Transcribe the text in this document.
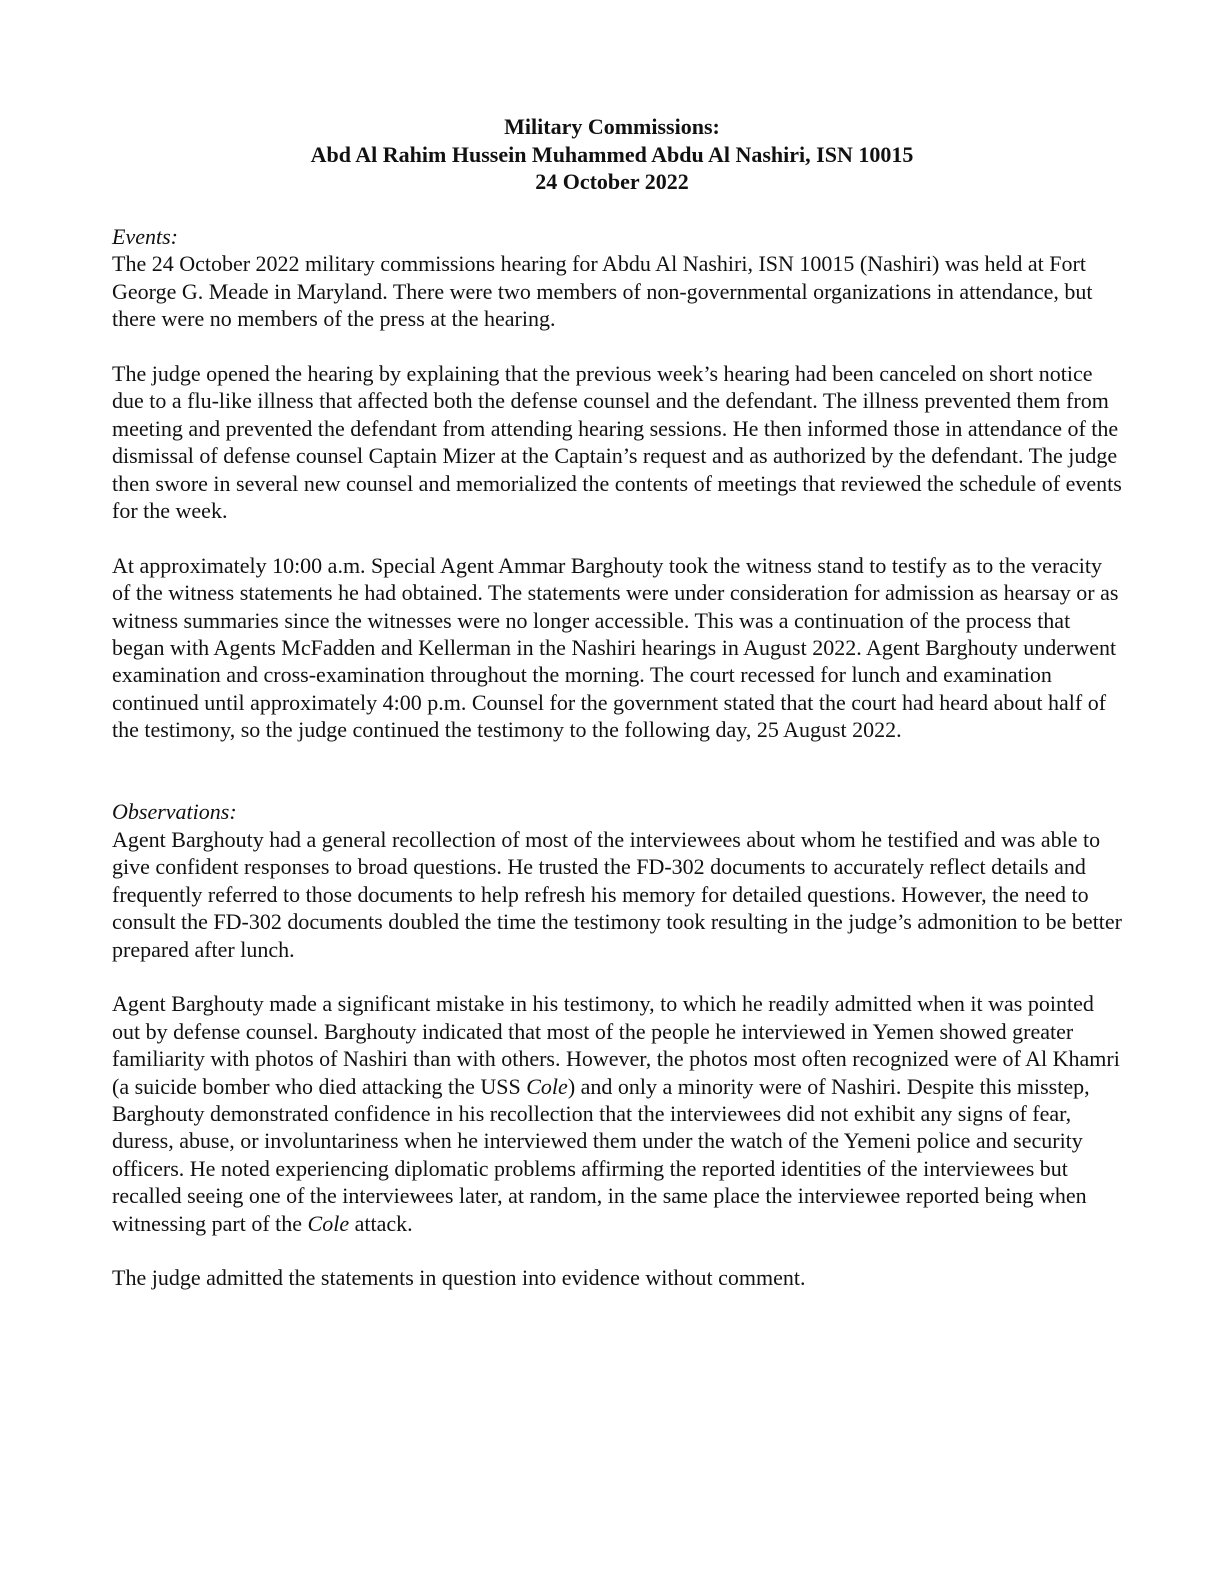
Military Commissions:
Abd Al Rahim Hussein Muhammed Abdu Al Nashiri, ISN 10015
24 October 2022
Events:

The 24 October 2022 military commissions hearing for Abdu Al Nashiri, ISN 10015 (Nashiri) was held at Fort George G. Meade in Maryland. There were two members of non-governmental organizations in attendance, but there were no members of the press at the hearing.

The judge opened the hearing by explaining that the previous week’s hearing had been canceled on short notice due to a flu-like illness that affected both the defense counsel and the defendant. The illness prevented them from meeting and prevented the defendant from attending hearing sessions. He then informed those in attendance of the dismissal of defense counsel Captain Mizer at the Captain’s request and as authorized by the defendant. The judge then swore in several new counsel and memorialized the contents of meetings that reviewed the schedule of events for the week.

At approximately 10:00 a.m. Special Agent Ammar Barghouty took the witness stand to testify as to the veracity of the witness statements he had obtained. The statements were under consideration for admission as hearsay or as witness summaries since the witnesses were no longer accessible. This was a continuation of the process that began with Agents McFadden and Kellerman in the Nashiri hearings in August 2022. Agent Barghouty underwent examination and cross-examination throughout the morning. The court recessed for lunch and examination continued until approximately 4:00 p.m. Counsel for the government stated that the court had heard about half of the testimony, so the judge continued the testimony to the following day, 25 August 2022.

Observations:

Agent Barghouty had a general recollection of most of the interviewees about whom he testified and was able to give confident responses to broad questions. He trusted the FD-302 documents to accurately reflect details and frequently referred to those documents to help refresh his memory for detailed questions. However, the need to consult the FD-302 documents doubled the time the testimony took resulting in the judge’s admonition to be better prepared after lunch.

Agent Barghouty made a significant mistake in his testimony, to which he readily admitted when it was pointed out by defense counsel. Barghouty indicated that most of the people he interviewed in Yemen showed greater familiarity with photos of Nashiri than with others. However, the photos most often recognized were of Al Khamri (a suicide bomber who died attacking the USS Cole) and only a minority were of Nashiri. Despite this misstep, Barghouty demonstrated confidence in his recollection that the interviewees did not exhibit any signs of fear, duress, abuse, or involuntariness when he interviewed them under the watch of the Yemeni police and security officers. He noted experiencing diplomatic problems affirming the reported identities of the interviewees but recalled seeing one of the interviewees later, at random, in the same place the interviewee reported being when witnessing part of the Cole attack.

The judge admitted the statements in question into evidence without comment.
